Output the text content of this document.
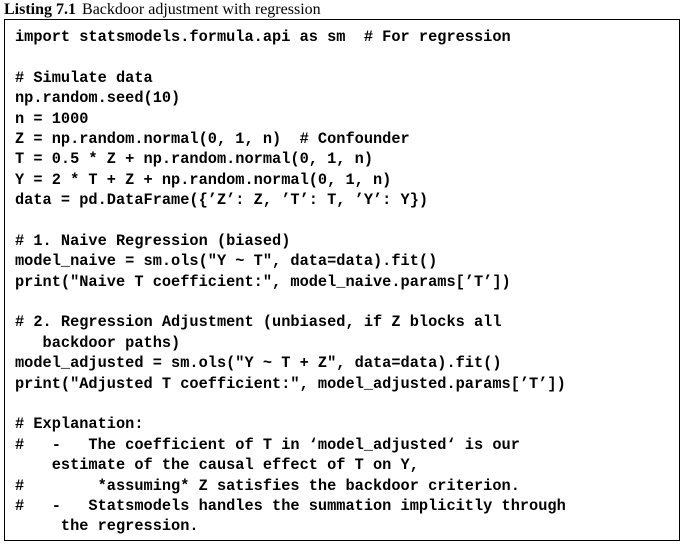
Listing 7.1 Backdoor adjustment with regression
import statsmodels.formula.api as sm  # For regression
# Simulate data
np.random.seed(10)
n = 1000
Z = np.random.normal(0, 1, n)  # Confounder
T = 0.5 * Z + np.random.normal(0, 1, n)
Y = 2 * T + Z + np.random.normal(0, 1, n)
data = pd.DataFrame({’Z’: Z, ’T’: T, ’Y’: Y})
# 1. Naive Regression (biased)
model_naive = sm.ols("Y ~ T", data=data).fit()
print("Naive T coefficient:", model_naive.params[’T’])
# 2. Regression Adjustment (unbiased, if Z blocks all
backdoor paths)
model_adjusted = sm.ols("Y ~ T + Z", data=data).fit()
print("Adjusted T coefficient:", model_adjusted.params[’T’])
# Explanation:
#   -   The coefficient of T in ‘model_adjusted‘ is our
estimate of the causal effect of T on Y,
#        *assuming* Z satisfies the backdoor criterion.
#   -   Statsmodels handles the summation implicitly through
the regression.
